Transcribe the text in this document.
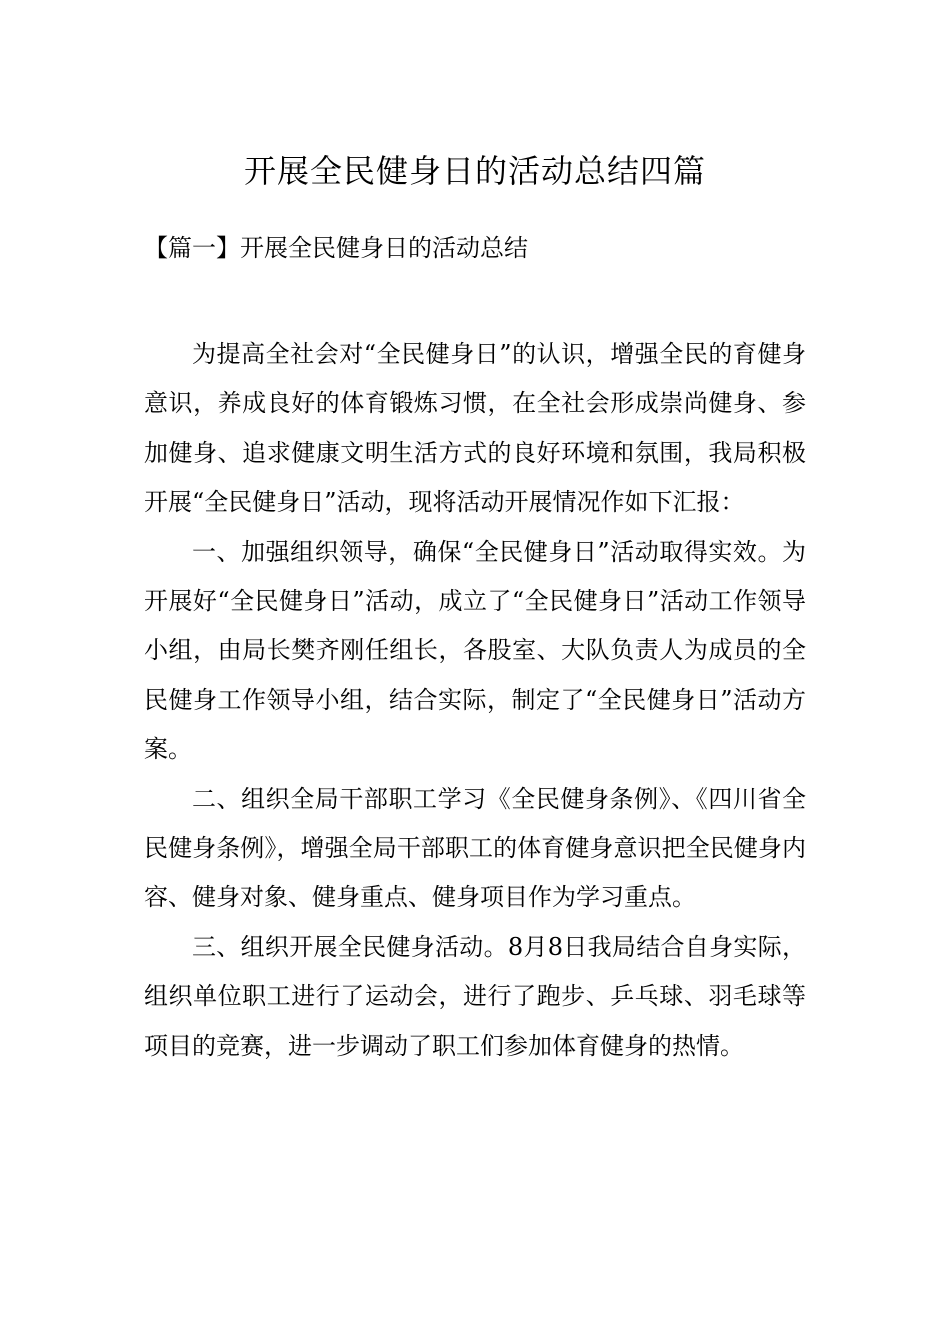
开展全民健身日的活动总结四篇
【篇一】开展全民健身日的活动总结

为提高全社会对“全民健身日”的认识，增强全民的育健身意识，养成良好的体育锻炼习惯，在全社会形成崇尚健身、参加健身、追求健康文明生活方式的良好环境和氛围，我局积极开展“全民健身日”活动，现将活动开展情况作如下汇报：

一、加强组织领导，确保“全民健身日”活动取得实效。为开展好“全民健身日”活动，成立了“全民健身日”活动工作领导小组，由局长樊齐刚任组长，各股室、大队负责人为成员的全民健身工作领导小组，结合实际，制定了“全民健身日”活动方案。

二、组织全局干部职工学习《全民健身条例》、《四川省全民健身条例》，增强全局干部职工的体育健身意识把全民健身内容、健身对象、健身重点、健身项目作为学习重点。

三、组织开展全民健身活动。8月8日我局结合自身实际，组织单位职工进行了运动会，进行了跑步、乒乓球、羽毛球等项目的竞赛，进一步调动了职工们参加体育健身的热情。
